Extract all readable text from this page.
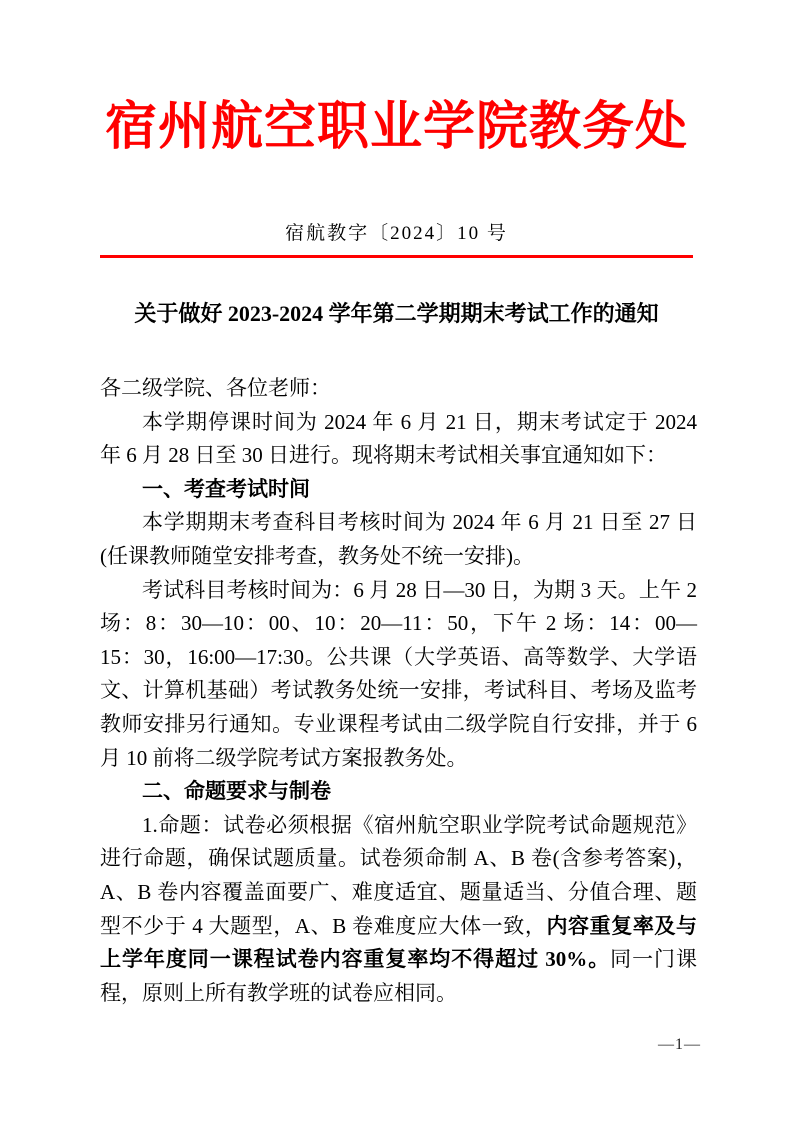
宿州航空职业学院教务处
宿航教字〔2024〕10 号
关于做好 2023-2024 学年第二学期期末考试工作的通知

各二级学院、各位老师：

本学期停课时间为 2024 年 6 月 21 日，期末考试定于 2024 年 6 月 28 日至 30 日进行。现将期末考试相关事宜通知如下：

一、考查考试时间

本学期期末考查科目考核时间为 2024 年 6 月 21 日至 27 日(任课教师随堂安排考查，教务处不统一安排)。

考试科目考核时间为：6 月 28 日—30 日，为期 3 天。上午 2 场：8：30—10：00、10：20—11：50，下午 2 场：14：00—15：30，16:00—17:30。公共课（大学英语、高等数学、大学语文、计算机基础）考试教务处统一安排，考试科目、考场及监考教师安排另行通知。专业课程考试由二级学院自行安排，并于 6 月 10 前将二级学院考试方案报教务处。

二、命题要求与制卷

1.命题：试卷必须根据《宿州航空职业学院考试命题规范》进行命题，确保试题质量。试卷须命制 A、B 卷(含参考答案)，A、B 卷内容覆盖面要广、难度适宜、题量适当、分值合理、题型不少于 4 大题型，A、B 卷难度应大体一致，内容重复率及与上学年度同一课程试卷内容重复率均不得超过 30%。同一门课程，原则上所有教学班的试卷应相同。

—1—
